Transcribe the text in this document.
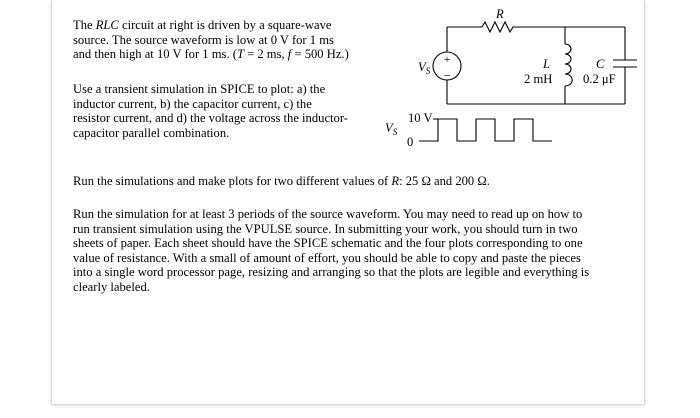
The RLC circuit at right is driven by a square-wave
source. The source waveform is low at 0 V for 1 ms
and then high at 10 V for 1 ms. (T = 2 ms, f = 500 Hz.)

Use a transient simulation in SPICE to plot: a) the
inductor current, b) the capacitor current, c) the
resistor current, and d) the voltage across the inductor-
capacitor parallel combination.

R
L
2 mH
C
0.2 μF
+
–
$V_S$
10 V
0
$V_S$

Run the simulations and make plots for two different values of R: 25 Ω and 200 Ω.

Run the simulation for at least 3 periods of the source waveform. You may need to read up on how to
run transient simulation using the VPULSE source. In submitting your work, you should turn in two
sheets of paper. Each sheet should have the SPICE schematic and the four plots corresponding to one
value of resistance. With a small of amount of effort, you should be able to copy and paste the pieces
into a single word processor page, resizing and arranging so that the plots are legible and everything is
clearly labeled.
